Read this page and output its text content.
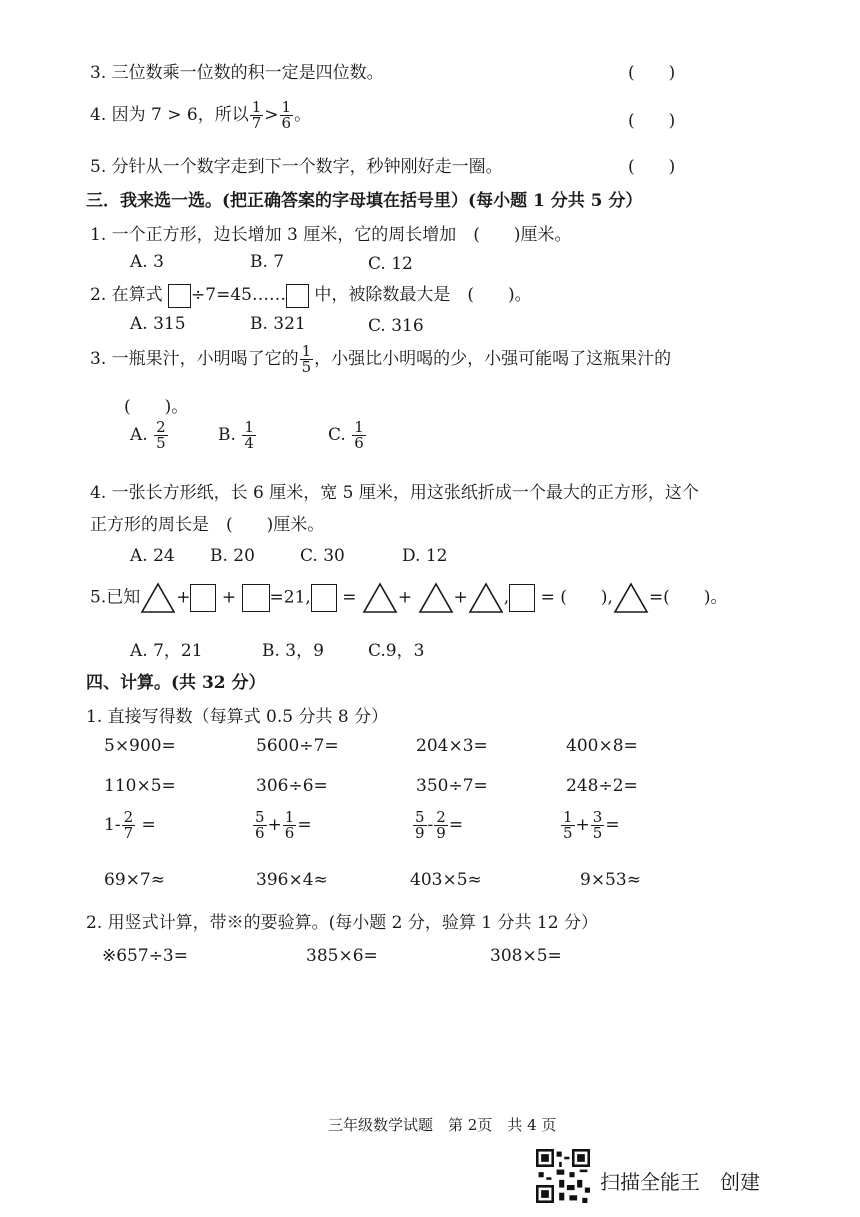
3. 三位数乘一位数的积一定是四位数。	(　　)
4. 因为 7 > 6，所以 $\frac{1}{7} > \frac{1}{6}$ 。	(　　)
5. 分针从一个数字走到下一个数字，秒钟刚好走一圈。	(　　)
三．我来选一选。(把正确答案的字母填在括号里）(每小题 1 分共 5 分）
1. 一个正方形，边长增加 3 厘米，它的周长增加　(　　)厘米。
A. 3	B. 7	C. 12
2. 在算式 ÷7=45…… 中，被除数最大是　(　　)。
A. 315	B. 321	C. 316
3. 一瓶果汁，小明喝了它的 $\frac{1}{5}$ ，小强比小明喝的少，小强可能喝了这瓶果汁的
(　　)。
A. $\frac{2}{5}$	B. $\frac{1}{4}$	C. $\frac{1}{6}$
4. 一张长方形纸，长 6 厘米，宽 5 厘米，用这张纸折成一个最大的正方形，这个
正方形的周长是　(　　)厘米。
A. 24 B. 20	C. 30	D. 12
5.已知 + + =21, = + + , = (　　), =(　　)。
A. 7，21	B. 3，9	C.9，3
四、计算。(共 32 分）
1. 直接写得数（每算式 0.5 分共 8 分）
5×900=	5600÷7=	204×3=	400×8=
110×5=	306÷6=	350÷7=	248÷2=
$1- \frac{2}{7}$ =	$\frac{5}{6} + \frac{1}{6}$ =	$\frac{5}{9} - \frac{2}{9}$ =	$\frac{1}{5} + \frac{3}{5}$ =
69×7≈	396×4≈	403×5≈	9×53≈
2. 用竖式计算，带※的要验算。(每小题 2 分，验算 1 分共 12 分）
※657÷3=	385×6=	308×5=
三年级数学试题　第 2页　共 4 页
扫描全能王　创建
